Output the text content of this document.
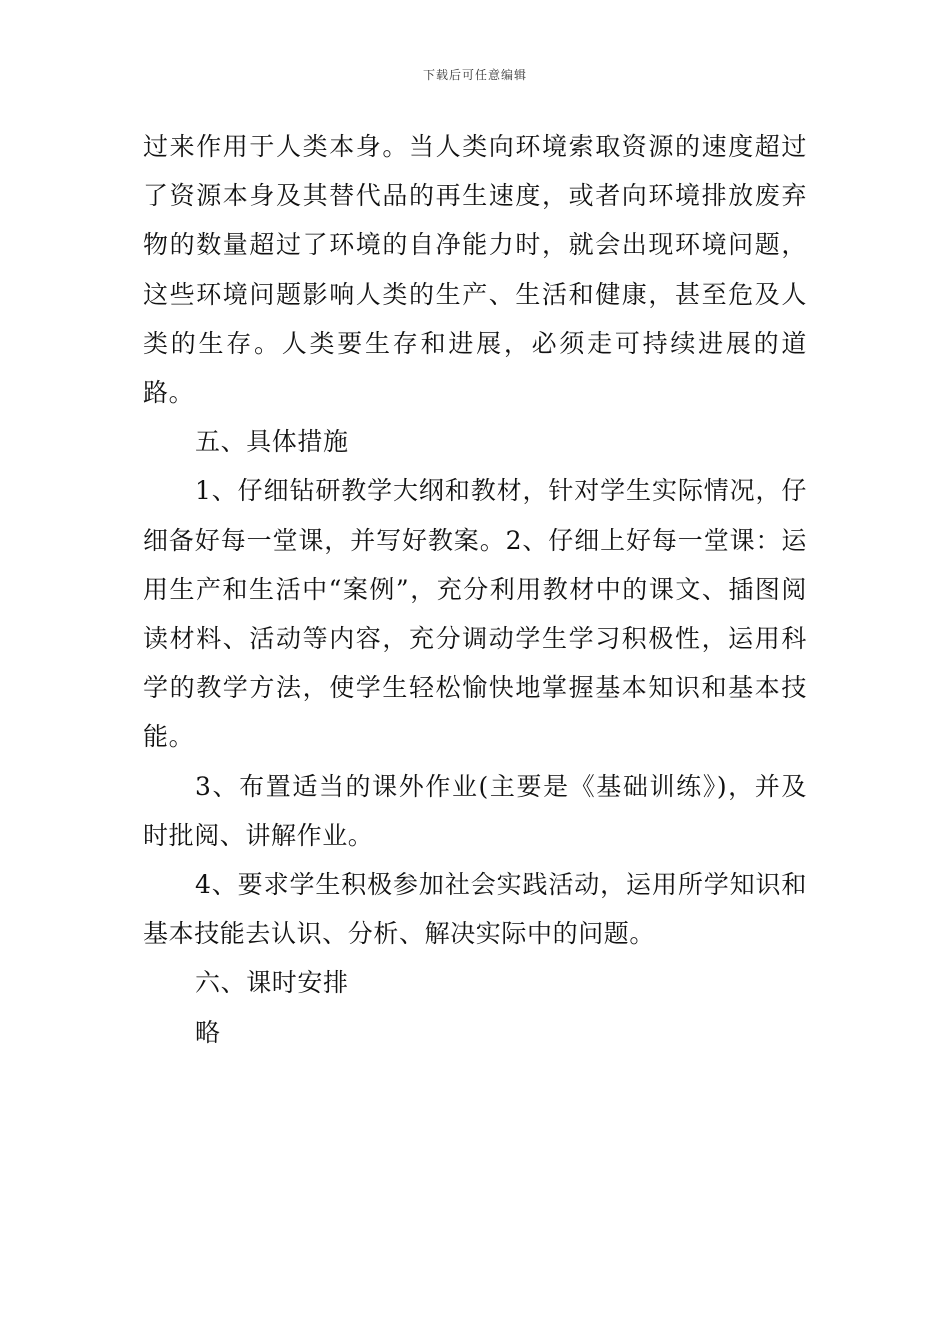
下载后可任意编辑

过来作用于人类本身。当人类向环境索取资源的速度超过了资源本身及其替代品的再生速度，或者向环境排放废弃物的数量超过了环境的自净能力时，就会出现环境问题，这些环境问题影响人类的生产、生活和健康，甚至危及人类的生存。人类要生存和进展，必须走可持续进展的道路。

五、具体措施

1、仔细钻研教学大纲和教材，针对学生实际情况，仔细备好每一堂课，并写好教案。2、仔细上好每一堂课：运用生产和生活中“案例”，充分利用教材中的课文、插图阅读材料、活动等内容，充分调动学生学习积极性，运用科学的教学方法，使学生轻松愉快地掌握基本知识和基本技能。

3、布置适当的课外作业(主要是《基础训练》)，并及时批阅、讲解作业。

4、要求学生积极参加社会实践活动，运用所学知识和基本技能去认识、分析、解决实际中的问题。

六、课时安排

略
